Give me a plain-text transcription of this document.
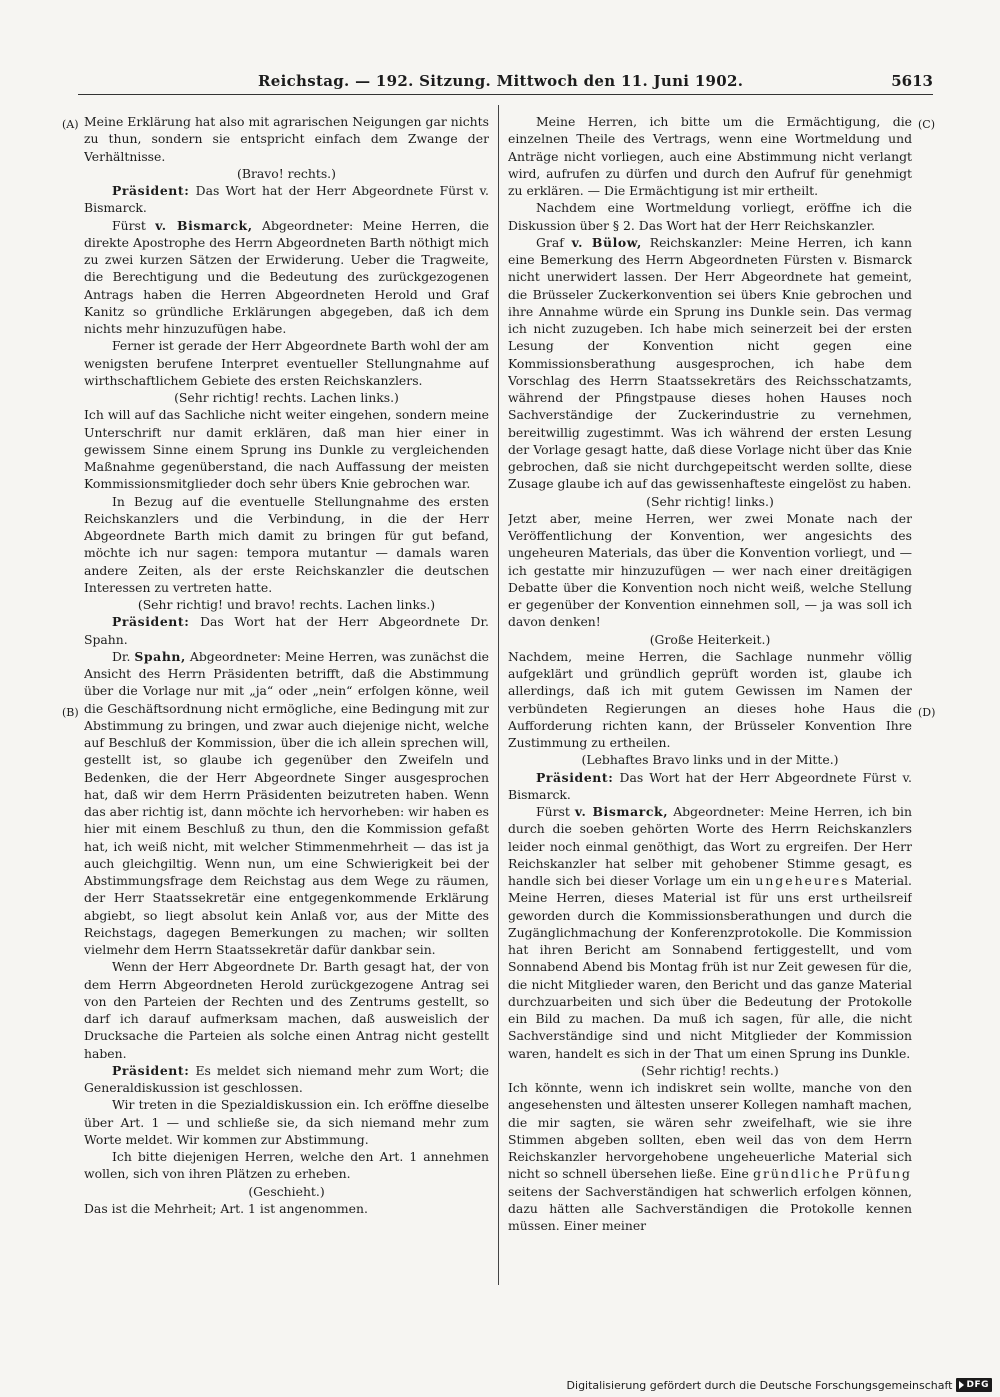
Reichstag. — 192. Sitzung. Mittwoch den 11. Juni 1902.	5613
(A)
(B)
(C)
(D)

Meine Erklärung hat also mit agrarischen Neigungen gar nichts zu thun, sondern sie entspricht einfach dem Zwange der Verhältnisse.

(Bravo! rechts.)

Präsident: Das Wort hat der Herr Abgeordnete Fürst v. Bismarck.

Fürst v. Bismarck, Abgeordneter: Meine Herren, die direkte Apostrophe des Herrn Abgeordneten Barth nöthigt mich zu zwei kurzen Sätzen der Erwiderung. Ueber die Tragweite, die Berechtigung und die Bedeutung des zurückgezogenen Antrags haben die Herren Abgeordneten Herold und Graf Kanitz so gründliche Erklärungen abgegeben, daß ich dem nichts mehr hinzuzufügen habe.

Ferner ist gerade der Herr Abgeordnete Barth wohl der am wenigsten berufene Interpret eventueller Stellungnahme auf wirthschaftlichem Gebiete des ersten Reichskanzlers.

(Sehr richtig! rechts. Lachen links.)

Ich will auf das Sachliche nicht weiter eingehen, sondern meine Unterschrift nur damit erklären, daß man hier einer in gewissem Sinne einem Sprung ins Dunkle zu vergleichenden Maßnahme gegenüberstand, die nach Auffassung der meisten Kommissionsmitglieder doch sehr übers Knie gebrochen war.

In Bezug auf die eventuelle Stellungnahme des ersten Reichskanzlers und die Verbindung, in die der Herr Abgeordnete Barth mich damit zu bringen für gut befand, möchte ich nur sagen: tempora mutantur — damals waren andere Zeiten, als der erste Reichskanzler die deutschen Interessen zu vertreten hatte.

(Sehr richtig! und bravo! rechts. Lachen links.)

Präsident: Das Wort hat der Herr Abgeordnete Dr. Spahn.

Dr. Spahn, Abgeordneter: Meine Herren, was zunächst die Ansicht des Herrn Präsidenten betrifft, daß die Abstimmung über die Vorlage nur mit „ja“ oder „nein“ erfolgen könne, weil die Geschäftsordnung nicht ermögliche, eine Bedingung mit zur Abstimmung zu bringen, und zwar auch diejenige nicht, welche auf Beschluß der Kommission, über die ich allein sprechen will, gestellt ist, so glaube ich gegenüber den Zweifeln und Bedenken, die der Herr Abgeordnete Singer ausgesprochen hat, daß wir dem Herrn Präsidenten beizutreten haben. Wenn das aber richtig ist, dann möchte ich hervorheben: wir haben es hier mit einem Beschluß zu thun, den die Kommission gefaßt hat, ich weiß nicht, mit welcher Stimmenmehrheit — das ist ja auch gleichgiltig. Wenn nun, um eine Schwierigkeit bei der Abstimmungsfrage dem Reichstag aus dem Wege zu räumen, der Herr Staatssekretär eine entgegenkommende Erklärung abgiebt, so liegt absolut kein Anlaß vor, aus der Mitte des Reichstags, dagegen Bemerkungen zu machen; wir sollten vielmehr dem Herrn Staatssekretär dafür dankbar sein.

Wenn der Herr Abgeordnete Dr. Barth gesagt hat, der von dem Herrn Abgeordneten Herold zurückgezogene Antrag sei von den Parteien der Rechten und des Zentrums gestellt, so darf ich darauf aufmerksam machen, daß ausweislich der Drucksache die Parteien als solche einen Antrag nicht gestellt haben.

Präsident: Es meldet sich niemand mehr zum Wort; die Generaldiskussion ist geschlossen.

Wir treten in die Spezialdiskussion ein. Ich eröffne dieselbe über Art. 1 — und schließe sie, da sich niemand mehr zum Worte meldet. Wir kommen zur Abstimmung.

Ich bitte diejenigen Herren, welche den Art. 1 annehmen wollen, sich von ihren Plätzen zu erheben.

(Geschieht.)

Das ist die Mehrheit; Art. 1 ist angenommen.

Meine Herren, ich bitte um die Ermächtigung, die einzelnen Theile des Vertrags, wenn eine Wortmeldung und Anträge nicht vorliegen, auch eine Abstimmung nicht verlangt wird, aufrufen zu dürfen und durch den Aufruf für genehmigt zu erklären. — Die Ermächtigung ist mir ertheilt.

Nachdem eine Wortmeldung vorliegt, eröffne ich die Diskussion über § 2. Das Wort hat der Herr Reichskanzler.

Graf v. Bülow, Reichskanzler: Meine Herren, ich kann eine Bemerkung des Herrn Abgeordneten Fürsten v. Bismarck nicht unerwidert lassen. Der Herr Abgeordnete hat gemeint, die Brüsseler Zuckerkonvention sei übers Knie gebrochen und ihre Annahme würde ein Sprung ins Dunkle sein. Das vermag ich nicht zuzugeben. Ich habe mich seinerzeit bei der ersten Lesung der Konvention nicht gegen eine Kommissionsberathung ausgesprochen, ich habe dem Vorschlag des Herrn Staatssekretärs des Reichsschatzamts, während der Pfingstpause dieses hohen Hauses noch Sachverständige der Zuckerindustrie zu vernehmen, bereitwillig zugestimmt. Was ich während der ersten Lesung der Vorlage gesagt hatte, daß diese Vorlage nicht über das Knie gebrochen, daß sie nicht durchgepeitscht werden sollte, diese Zusage glaube ich auf das gewissenhafteste eingelöst zu haben.

(Sehr richtig! links.)

Jetzt aber, meine Herren, wer zwei Monate nach der Veröffentlichung der Konvention, wer angesichts des ungeheuren Materials, das über die Konvention vorliegt, und — ich gestatte mir hinzuzufügen — wer nach einer dreitägigen Debatte über die Konvention noch nicht weiß, welche Stellung er gegenüber der Konvention einnehmen soll, — ja was soll ich davon denken!

(Große Heiterkeit.)

Nachdem, meine Herren, die Sachlage nunmehr völlig aufgeklärt und gründlich geprüft worden ist, glaube ich allerdings, daß ich mit gutem Gewissen im Namen der verbündeten Regierungen an dieses hohe Haus die Aufforderung richten kann, der Brüsseler Konvention Ihre Zustimmung zu ertheilen.

(Lebhaftes Bravo links und in der Mitte.)

Präsident: Das Wort hat der Herr Abgeordnete Fürst v. Bismarck.

Fürst v. Bismarck, Abgeordneter: Meine Herren, ich bin durch die soeben gehörten Worte des Herrn Reichskanzlers leider noch einmal genöthigt, das Wort zu ergreifen. Der Herr Reichskanzler hat selber mit gehobener Stimme gesagt, es handle sich bei dieser Vorlage um ein ungeheures Material. Meine Herren, dieses Material ist für uns erst urtheilsreif geworden durch die Kommissionsberathungen und durch die Zugänglichmachung der Konferenzprotokolle. Die Kommission hat ihren Bericht am Sonnabend fertiggestellt, und vom Sonnabend Abend bis Montag früh ist nur Zeit gewesen für die, die nicht Mitglieder waren, den Bericht und das ganze Material durchzuarbeiten und sich über die Bedeutung der Protokolle ein Bild zu machen. Da muß ich sagen, für alle, die nicht Sachverständige sind und nicht Mitglieder der Kommission waren, handelt es sich in der That um einen Sprung ins Dunkle.

(Sehr richtig! rechts.)

Ich könnte, wenn ich indiskret sein wollte, manche von den angesehensten und ältesten unserer Kollegen namhaft machen, die mir sagten, sie wären sehr zweifelhaft, wie sie ihre Stimmen abgeben sollten, eben weil das von dem Herrn Reichskanzler hervorgehobene ungeheuerliche Material sich nicht so schnell übersehen ließe. Eine gründliche Prüfung seitens der Sachverständigen hat schwerlich erfolgen können, dazu hätten alle Sachverständigen die Protokolle kennen müssen. Einer meiner

Digitalisierung gefördert durch die Deutsche Forschungsgemeinschaft	DFG
